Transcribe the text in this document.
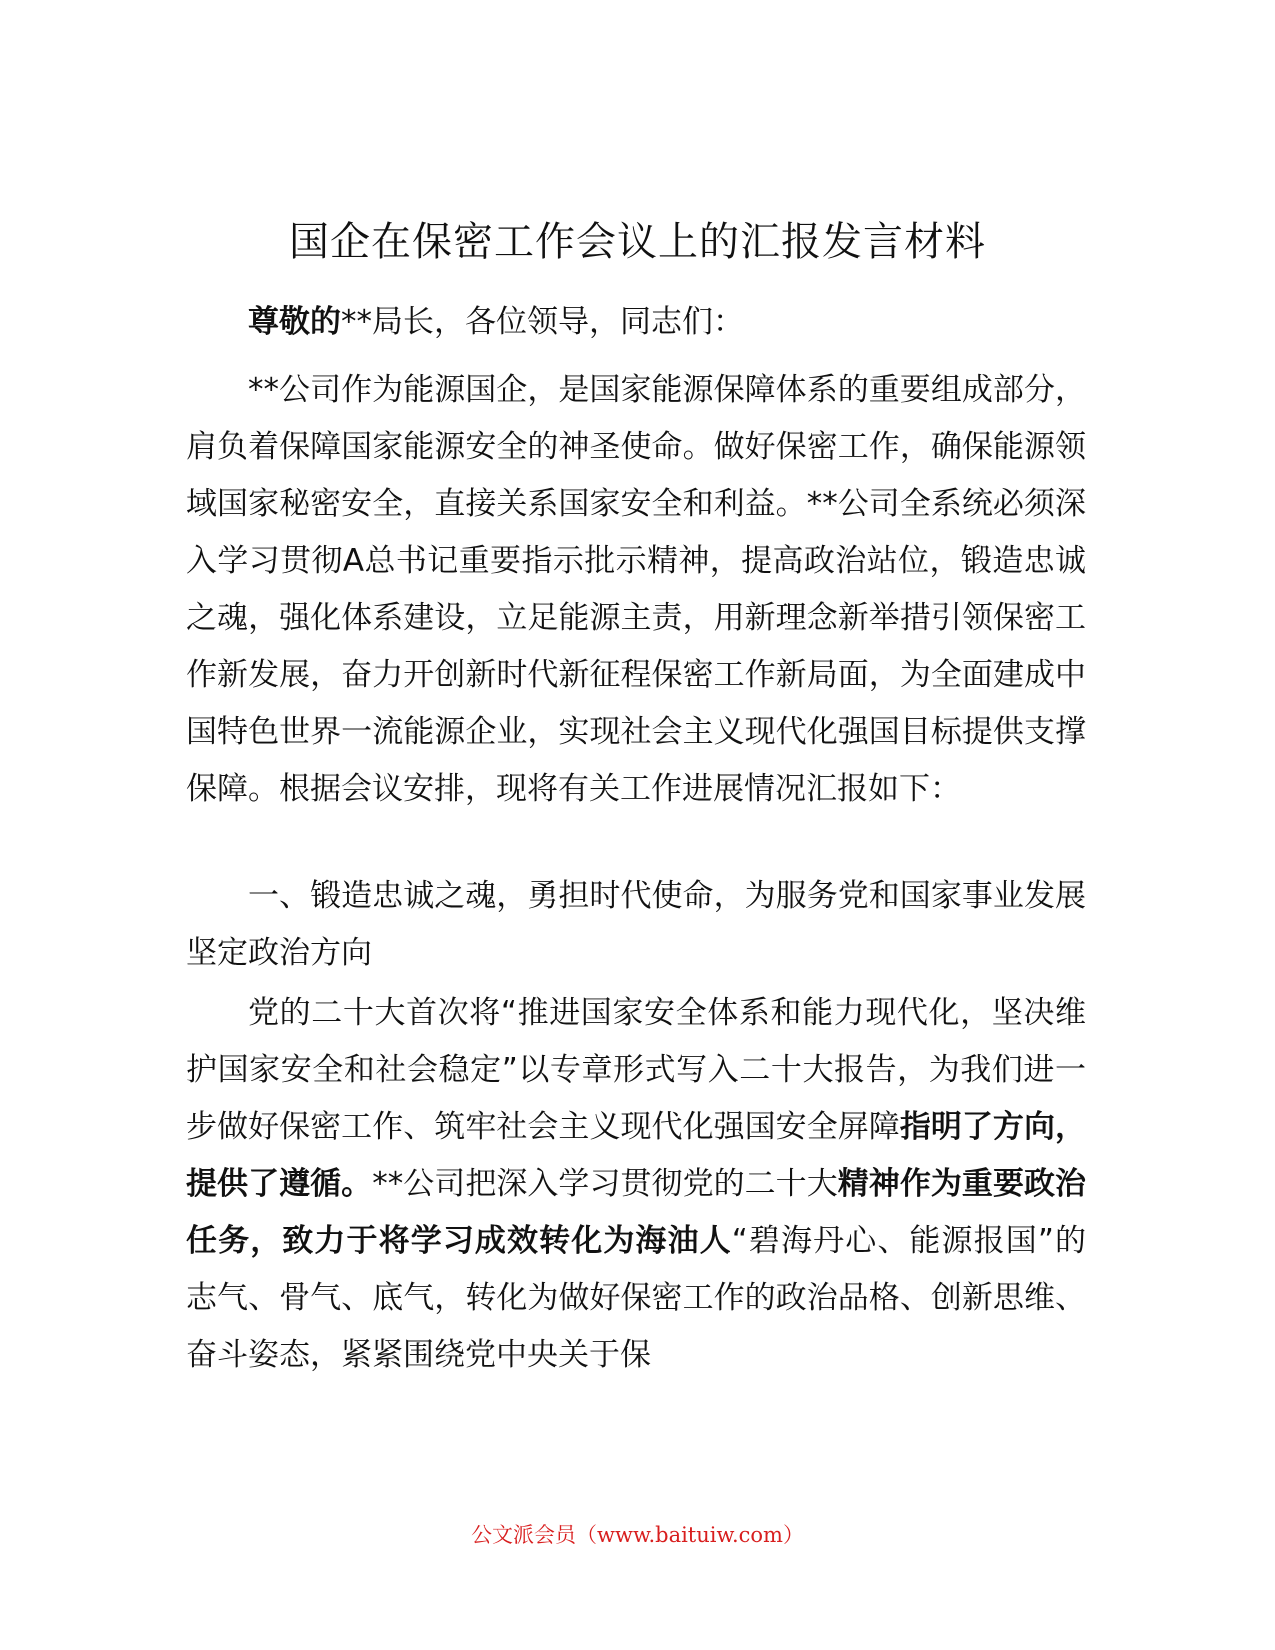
国企在保密工作会议上的汇报发言材料

尊敬的**局长，各位领导，同志们：

**公司作为能源国企，是国家能源保障体系的重要组成部分，肩负着保障国家能源安全的神圣使命。做好保密工作，确保能源领域国家秘密安全，直接关系国家安全和利益。**公司全系统必须深入学习贯彻A总书记重要指示批示精神，提高政治站位，锻造忠诚之魂，强化体系建设，立足能源主责，用新理念新举措引领保密工作新发展，奋力开创新时代新征程保密工作新局面，为全面建成中国特色世界一流能源企业，实现社会主义现代化强国目标提供支撑保障。根据会议安排，现将有关工作进展情况汇报如下：

一、锻造忠诚之魂，勇担时代使命，为服务党和国家事业发展坚定政治方向

党的二十大首次将“推进国家安全体系和能力现代化，坚决维护国家安全和社会稳定”以专章形式写入二十大报告，为我们进一步做好保密工作、筑牢社会主义现代化强国安全屏障指明了方向，提供了遵循。**公司把深入学习贯彻党的二十大精神作为重要政治任务，致力于将学习成效转化为海油人“碧海丹心、能源报国”的志气、骨气、底气，转化为做好保密工作的政治品格、创新思维、奋斗姿态，紧紧围绕党中央关于保

公文派会员（www.baituiw.com）
